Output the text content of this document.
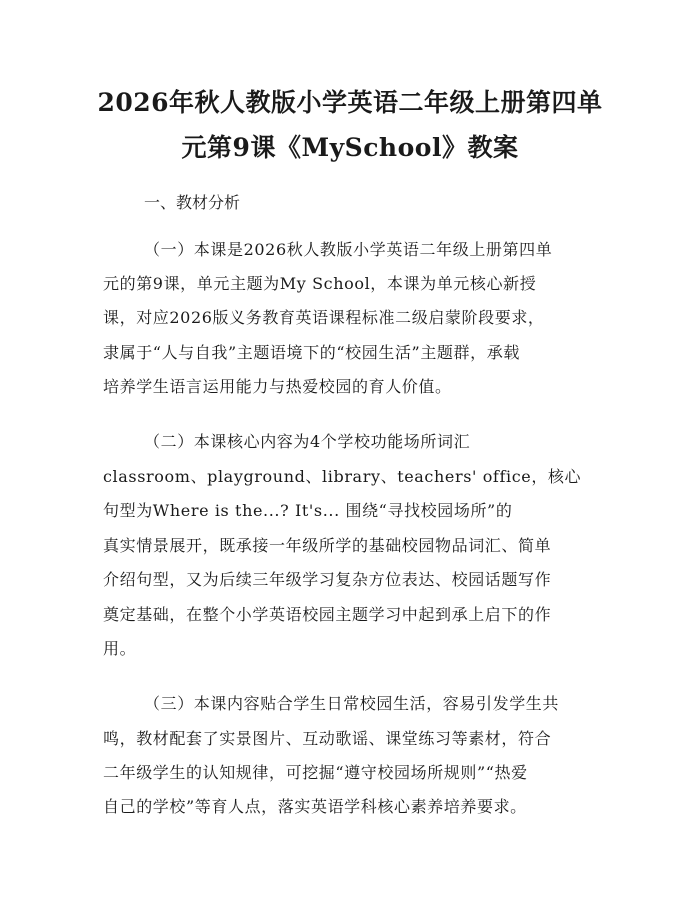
2026年秋人教版小学英语二年级上册第四单
元第9课《MySchool》教案
一、教材分析
（一）本课是2026秋人教版小学英语二年级上册第四单
元的第9课，单元主题为My School，本课为单元核心新授
课，对应2026版义务教育英语课程标准二级启蒙阶段要求，
隶属于“人与自我”主题语境下的“校园生活”主题群，承载
培养学生语言运用能力与热爱校园的育人价值。
（二）本课核心内容为4个学校功能场所词汇
classroom、playground、library、teachers' office，核心
句型为Where is the...? It's... 围绕“寻找校园场所”的
真实情景展开，既承接一年级所学的基础校园物品词汇、简单
介绍句型，又为后续三年级学习复杂方位表达、校园话题写作
奠定基础，在整个小学英语校园主题学习中起到承上启下的作
用。
（三）本课内容贴合学生日常校园生活，容易引发学生共
鸣，教材配套了实景图片、互动歌谣、课堂练习等素材，符合
二年级学生的认知规律，可挖掘“遵守校园场所规则”“热爱
自己的学校”等育人点，落实英语学科核心素养培养要求。
